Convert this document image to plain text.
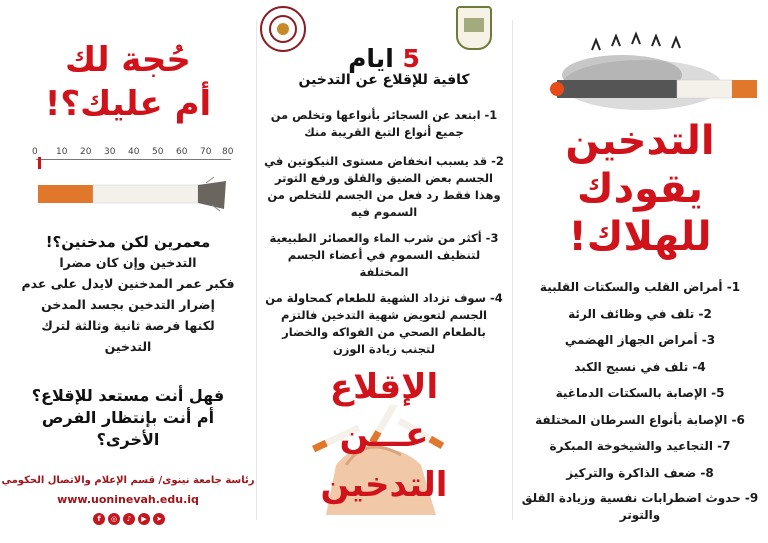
حُجة لك
أم عليك؟!
0 10 20 30 40 50 60 70 80
معمرين لكن مدخنين؟!
التدخين وإن كان مضرا
فكبر عمر المدخنين لايدل على عدم
إضرار التدخين بجسد المدخن
لكنها فرصة ثانية وثالثة لترك
التدخين
فهل أنت مستعد للإقلاع؟
أم أنت بإنتظار الفرص
الأخرى؟
رئاسة جامعة نينوى/ قسم الإعلام والاتصال الحكومي
www.uoninevah.edu.iq
f	◎	♪	▶	➤
5 ايام
كافية للإقلاع عن التدخين
1- ابتعد عن السجائر بأنواعها وتخلص من جميع أنواع التبغ القريبة منك
2- قد يسبب انخفاض مستوى النيكوتين في الجسم بعض الضيق والقلق ورفع التوتر وهذا فقط رد فعل من الجسم للتخلص من السموم فيه
3- أكثر من شرب الماء والعصائر الطبيعية لتنظيف السموم في أعضاء الجسم المختلفة
4- سوف تزداد الشهية للطعام كمحاولة من الجسم لتعويض شهية التدخين فالتزم بالطعام الصحي من الفواكه والخضار لتجنب زيادة الوزن
الإقلاع
عـــن
التدخين
التدخين
يقودك
للهلاك!
1- أمراض القلب والسكتات القلبية
2- تلف في وظائف الرئة
3- أمراض الجهاز الهضمي
4- تلف في نسيج الكبد
5- الإصابة بالسكتات الدماغية
6- الإصابة بأنواع السرطان المختلفة
7- التجاعيد والشيخوخة المبكرة
8- ضعف الذاكرة والتركيز
9- حدوث اضطرابات نفسية وزيادة القلق والتوتر
